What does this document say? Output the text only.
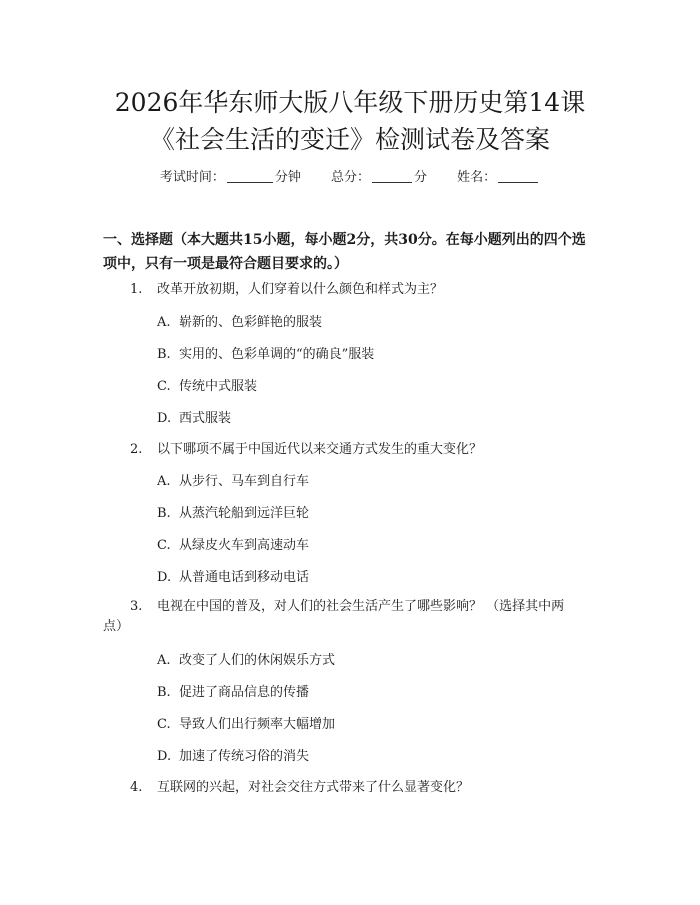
2026年华东师大版八年级下册历史第14课
《社会生活的变迁》检测试卷及答案
考试时间：	分钟 总分：	分 姓名：

一、选择题（本大题共15小题，每小题2分，共30分。在每小题列出的四个选
项中，只有一项是最符合题目要求的。）

1. 改革开放初期，人们穿着以什么颜色和样式为主？
A. 崭新的、色彩鲜艳的服装
B. 实用的、色彩单调的“的确良”服装
C. 传统中式服装
D. 西式服装
2. 以下哪项不属于中国近代以来交通方式发生的重大变化？
A. 从步行、马车到自行车
B. 从蒸汽轮船到远洋巨轮
C. 从绿皮火车到高速动车
D. 从普通电话到移动电话
3. 电视在中国的普及，对人们的社会生活产生了哪些影响？ （选择其中两
点）
A. 改变了人们的休闲娱乐方式
B. 促进了商品信息的传播
C. 导致人们出行频率大幅增加
D. 加速了传统习俗的消失
4. 互联网的兴起，对社会交往方式带来了什么显著变化？
